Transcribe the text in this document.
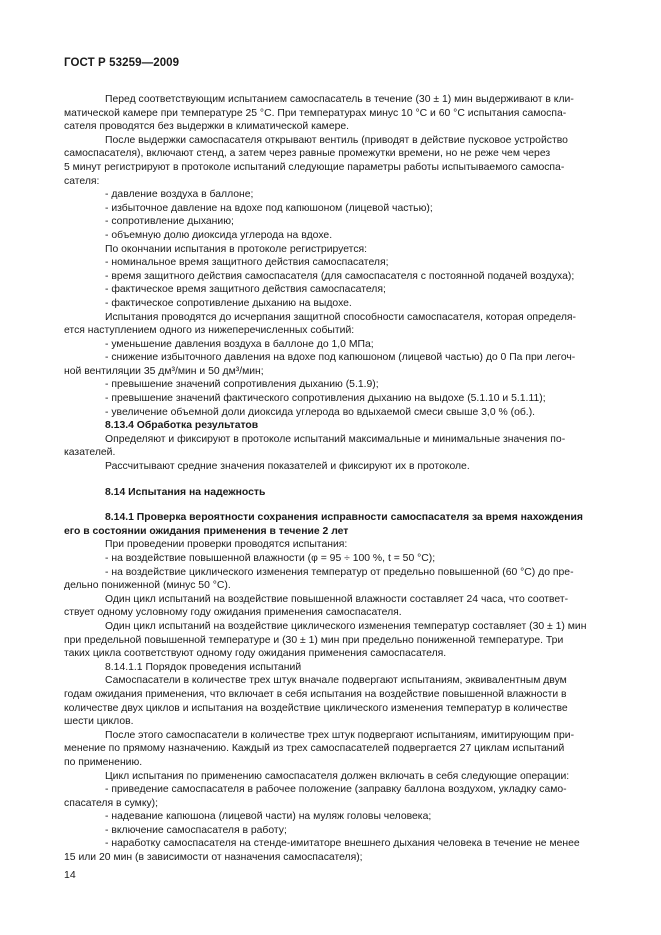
ГОСТ Р 53259—2009
Перед соответствующим испытанием самоспасатель в течение (30 ± 1) мин выдерживают в кли-
матической камере при температуре 25 °С. При температурах минус 10 °С и 60 °С испытания самоспа-
сателя проводятся без выдержки в климатической камере.
После выдержки самоспасателя открывают вентиль (приводят в действие пусковое устройство
самоспасателя), включают стенд, а затем через равные промежутки времени, но не реже чем через
5 минут регистрируют в протоколе испытаний следующие параметры работы испытываемого самоспа-
сателя:
- давление воздуха в баллоне;
- избыточное давление на вдохе под капюшоном (лицевой частью);
- сопротивление дыханию;
- объемную долю диоксида углерода на вдохе.
По окончании испытания в протоколе регистрируется:
- номинальное время защитного действия самоспасателя;
- время защитного действия самоспасателя (для самоспасателя с постоянной подачей воздуха);
- фактическое время защитного действия самоспасателя;
- фактическое сопротивление дыханию на выдохе.
Испытания проводятся до исчерпания защитной способности самоспасателя, которая определя-
ется наступлением одного из нижеперечисленных событий:
- уменьшение давления воздуха в баллоне до 1,0 МПа;
- снижение избыточного давления на вдохе под капюшоном (лицевой частью) до 0 Па при легоч-
ной вентиляции 35 дм³/мин и 50 дм³/мин;
- превышение значений сопротивления дыханию (5.1.9);
- превышение значений фактического сопротивления дыханию на выдохе (5.1.10 и 5.1.11);
- увеличение объемной доли диоксида углерода во вдыхаемой смеси свыше 3,0 % (об.).
8.13.4 Обработка результатов
Определяют и фиксируют в протоколе испытаний максимальные и минимальные значения по-
казателей.
Рассчитывают средние значения показателей и фиксируют их в протоколе.
8.14 Испытания на надежность
8.14.1 Проверка вероятности сохранения исправности самоспасателя за время нахождения
его в состоянии ожидания применения в течение 2 лет
При проведении проверки проводятся испытания:
- на воздействие повышенной влажности (φ = 95 ÷ 100 %, t = 50 °С);
- на воздействие циклического изменения температур от предельно повышенной (60 °С) до пре-
дельно пониженной (минус 50 °С).
Один цикл испытаний на воздействие повышенной влажности составляет 24 часа, что соответ-
ствует одному условному году ожидания применения самоспасателя.
Один цикл испытаний на воздействие циклического изменения температур составляет (30 ± 1) мин
при предельной повышенной температуре и (30 ± 1) мин при предельно пониженной температуре. Три
таких цикла соответствуют одному году ожидания применения самоспасателя.
8.14.1.1 Порядок проведения испытаний
Самоспасатели в количестве трех штук вначале подвергают испытаниям, эквивалентным двум
годам ожидания применения, что включает в себя испытания на воздействие повышенной влажности в
количестве двух циклов и испытания на воздействие циклического изменения температур в количестве
шести циклов.
После этого самоспасатели в количестве трех штук подвергают испытаниям, имитирующим при-
менение по прямому назначению. Каждый из трех самоспасателей подвергается 27 циклам испытаний
по применению.
Цикл испытания по применению самоспасателя должен включать в себя следующие операции:
- приведение самоспасателя в рабочее положение (заправку баллона воздухом, укладку само-
спасателя в сумку);
- надевание капюшона (лицевой части) на муляж головы человека;
- включение самоспасателя в работу;
- наработку самоспасателя на стенде-имитаторе внешнего дыхания человека в течение не менее
15 или 20 мин (в зависимости от назначения самоспасателя);
14
